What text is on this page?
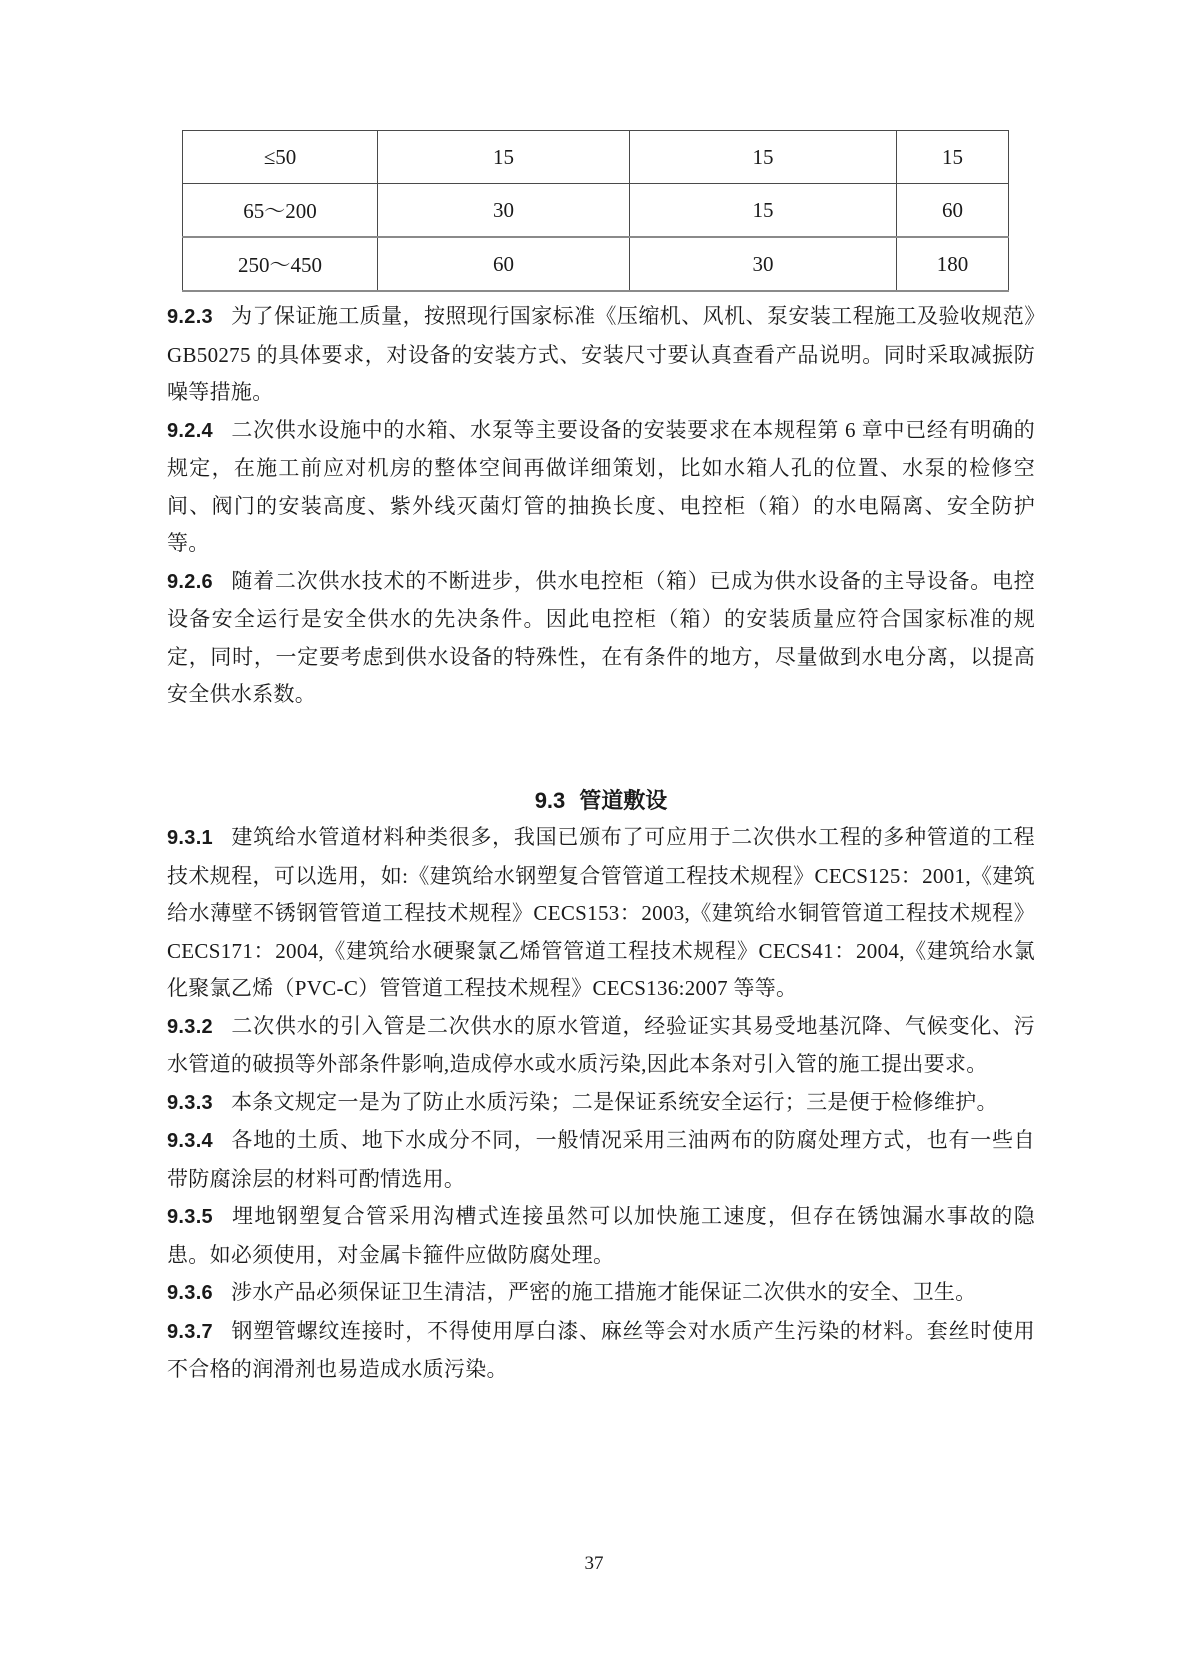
≤50	15	15	15
65～200	30	15	60
250～450	60	30	180

9.2.3 为了保证施工质量，按照现行国家标准《压缩机、风机、泵安装工程施工及验收规范》GB50275 的具体要求，对设备的安装方式、安装尺寸要认真查看产品说明。同时采取减振防噪等措施。

9.2.4 二次供水设施中的水箱、水泵等主要设备的安装要求在本规程第 6 章中已经有明确的规定，在施工前应对机房的整体空间再做详细策划，比如水箱人孔的位置、水泵的检修空间、阀门的安装高度、紫外线灭菌灯管的抽换长度、电控柜（箱）的水电隔离、安全防护等。

9.2.6 随着二次供水技术的不断进步，供水电控柜（箱）已成为供水设备的主导设备。电控设备安全运行是安全供水的先决条件。因此电控柜（箱）的安装质量应符合国家标准的规定，同时，一定要考虑到供水设备的特殊性，在有条件的地方，尽量做到水电分离，以提高安全供水系数。

9.3 管道敷设

9.3.1 建筑给水管道材料种类很多，我国已颁布了可应用于二次供水工程的多种管道的工程技术规程，可以选用，如:《建筑给水钢塑复合管管道工程技术规程》CECS125：2001,《建筑给水薄壁不锈钢管管道工程技术规程》CECS153：2003,《建筑给水铜管管道工程技术规程》CECS171：2004,《建筑给水硬聚氯乙烯管管道工程技术规程》CECS41：2004,《建筑给水氯化聚氯乙烯（PVC-C）管管道工程技术规程》CECS136:2007 等等。

9.3.2 二次供水的引入管是二次供水的原水管道，经验证实其易受地基沉降、气候变化、污水管道的破损等外部条件影响,造成停水或水质污染,因此本条对引入管的施工提出要求。

9.3.3 本条文规定一是为了防止水质污染；二是保证系统安全运行；三是便于检修维护。

9.3.4 各地的土质、地下水成分不同，一般情况采用三油两布的防腐处理方式，也有一些自带防腐涂层的材料可酌情选用。

9.3.5 埋地钢塑复合管采用沟槽式连接虽然可以加快施工速度，但存在锈蚀漏水事故的隐患。如必须使用，对金属卡箍件应做防腐处理。

9.3.6 涉水产品必须保证卫生清洁，严密的施工措施才能保证二次供水的安全、卫生。

9.3.7 钢塑管螺纹连接时，不得使用厚白漆、麻丝等会对水质产生污染的材料。套丝时使用不合格的润滑剂也易造成水质污染。

37
